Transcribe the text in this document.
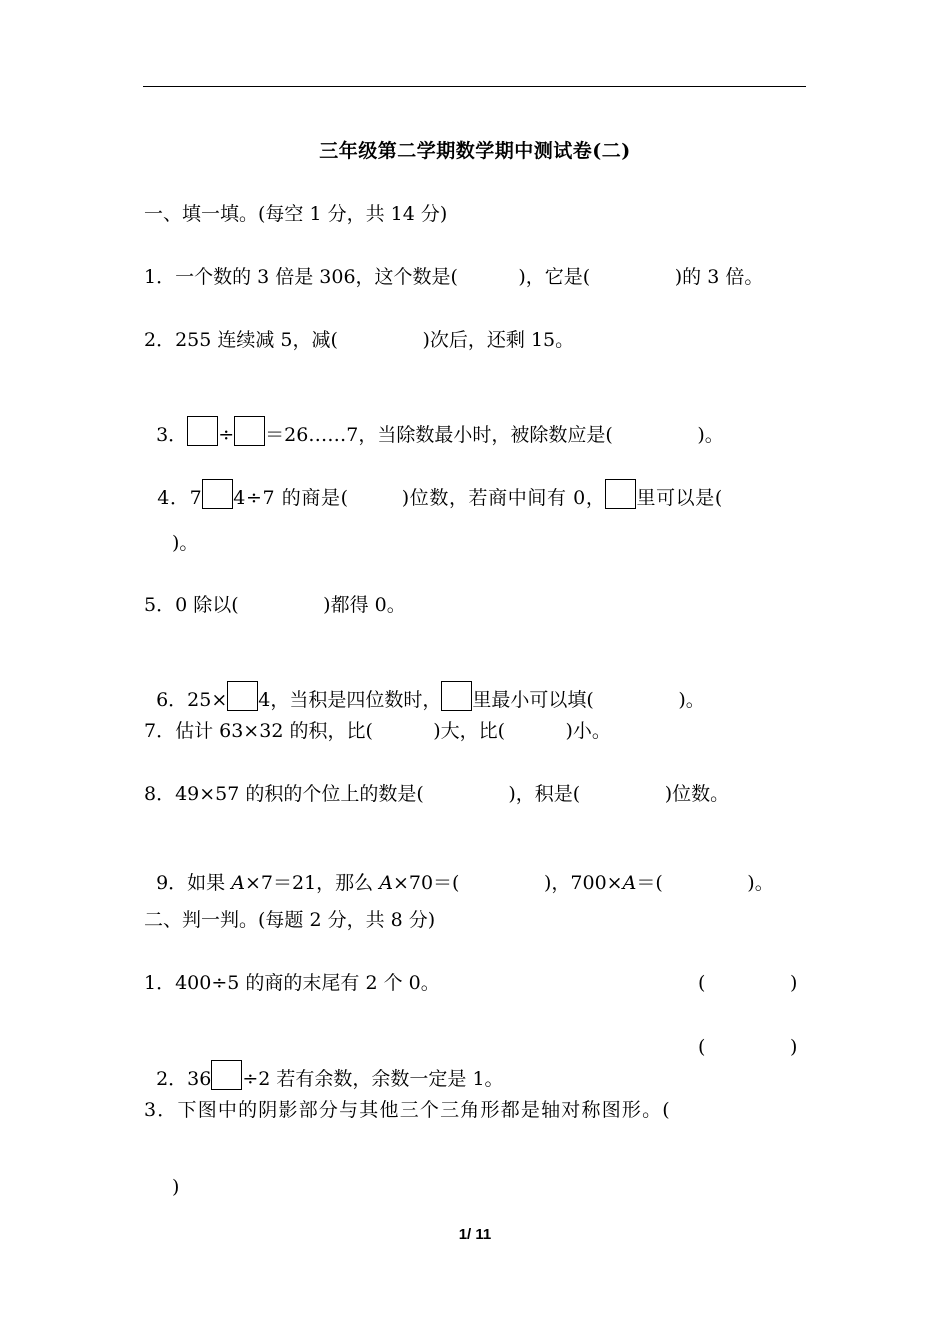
三年级第二学期数学期中测试卷(二)
一、填一填。(每空 1 分，共 14 分)
1．一个数的 3 倍是 306，这个数是(          )，它是(              )的 3 倍。
2．255 连续减 5，减(              )次后，还剩 15。

3． ÷ ＝26……7，当除数最小时，被除数应是(              )。

4．7 4÷7 的商是(        )位数，若商中间有 0， 里可以是(

)。
5．0 除以(              )都得 0。

6．25× 4，当积是四位数时， 里最小可以填(              )。

7．估计 63×32 的积，比(          )大，比(          )小。
8．49×57 的积的个位上的数是(              )，积是(              )位数。

9．如果 A×7＝21，那么 A×70＝(              )，700×A＝(              )。

二、判一判。(每题 2 分，共 8 分)
1．400÷5 的商的末尾有 2 个 0。	(              )

2．36 ÷2 若有余数，余数一定是 1。

(              )
3．下图中的阴影部分与其他三个三角形都是轴对称图形。(
)
1/ 11
